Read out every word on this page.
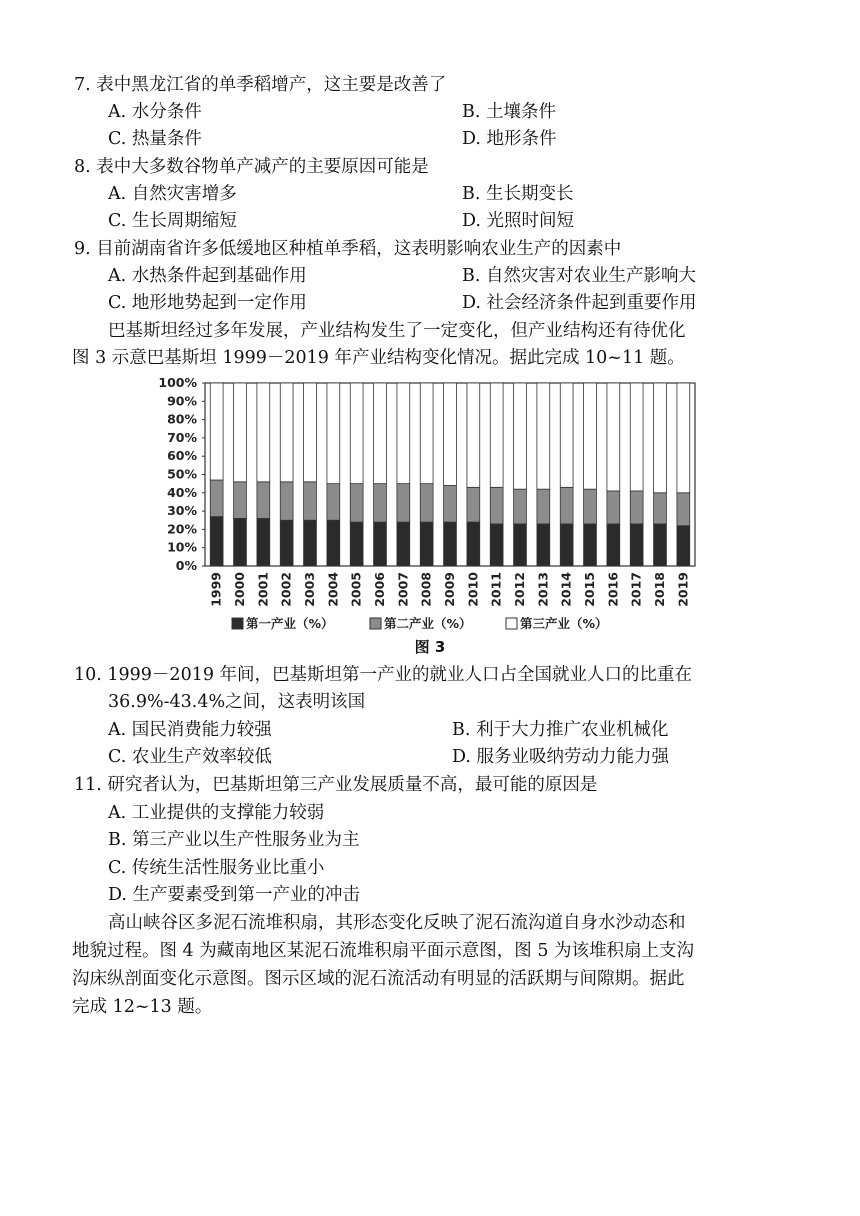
7. 表中黑龙江省的单季稻增产，这主要是改善了
A. 水分条件	B. 土壤条件
C. 热量条件	D. 地形条件
8. 表中大多数谷物单产减产的主要原因可能是
A. 自然灾害增多	B. 生长期变长
C. 生长周期缩短	D. 光照时间短
9. 目前湖南省许多低缓地区种植单季稻，这表明影响农业生产的因素中
A. 水热条件起到基础作用	B. 自然灾害对农业生产影响大
C. 地形地势起到一定作用	D. 社会经济条件起到重要作用
巴基斯坦经过多年发展，产业结构发生了一定变化，但产业结构还有待优化
图 3 示意巴基斯坦 1999－2019 年产业结构变化情况。据此完成 10~11 题。
0%
10%
20%
30%
40%
50%
60%
70%
80%
90%
100%
1999 2000 2001 2002 2003 2004 2005 2006 2007 2008 2009 2010 2011 2012 2013 2014 2015 2016 2017 2018 2019
第一产业（%）	第二产业（%）	第三产业（%）
图 3
10. 1999－2019 年间，巴基斯坦第一产业的就业人口占全国就业人口的比重在
36.9%-43.4%之间，这表明该国
A. 国民消费能力较强	B. 利于大力推广农业机械化
C. 农业生产效率较低	D. 服务业吸纳劳动力能力强
11. 研究者认为，巴基斯坦第三产业发展质量不高，最可能的原因是
A. 工业提供的支撑能力较弱
B. 第三产业以生产性服务业为主
C. 传统生活性服务业比重小
D. 生产要素受到第一产业的冲击
高山峡谷区多泥石流堆积扇，其形态变化反映了泥石流沟道自身水沙动态和
地貌过程。图 4 为藏南地区某泥石流堆积扇平面示意图，图 5 为该堆积扇上支沟
沟床纵剖面变化示意图。图示区域的泥石流活动有明显的活跃期与间隙期。据此
完成 12~13 题。
